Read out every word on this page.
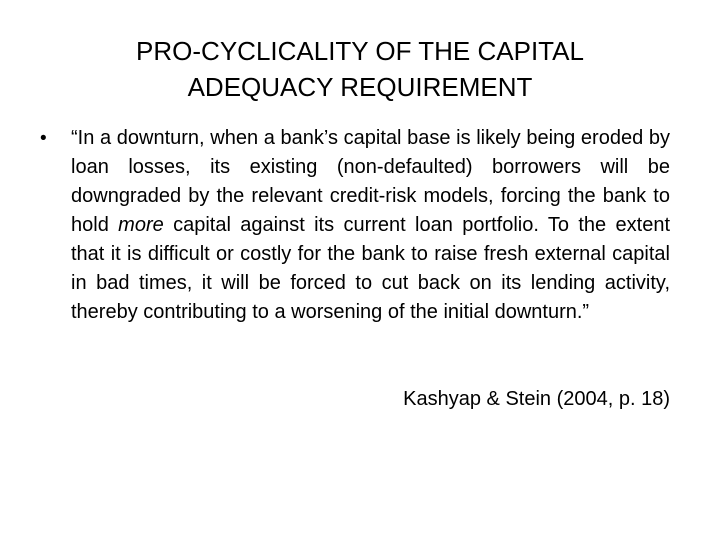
PRO-CYCLICALITY OF THE CAPITAL
ADEQUACY REQUIREMENT
• “In a downturn, when a bank’s capital base is likely being eroded by loan losses, its existing (non-defaulted) borrowers will be downgraded by the relevant credit-risk models, forcing the bank to hold more capital against its current loan portfolio. To the extent that it is difficult or costly for the bank to raise fresh external capital in bad times, it will be forced to cut back on its lending activity, thereby contributing to a worsening of the initial downturn.”

Kashyap & Stein (2004, p. 18)
